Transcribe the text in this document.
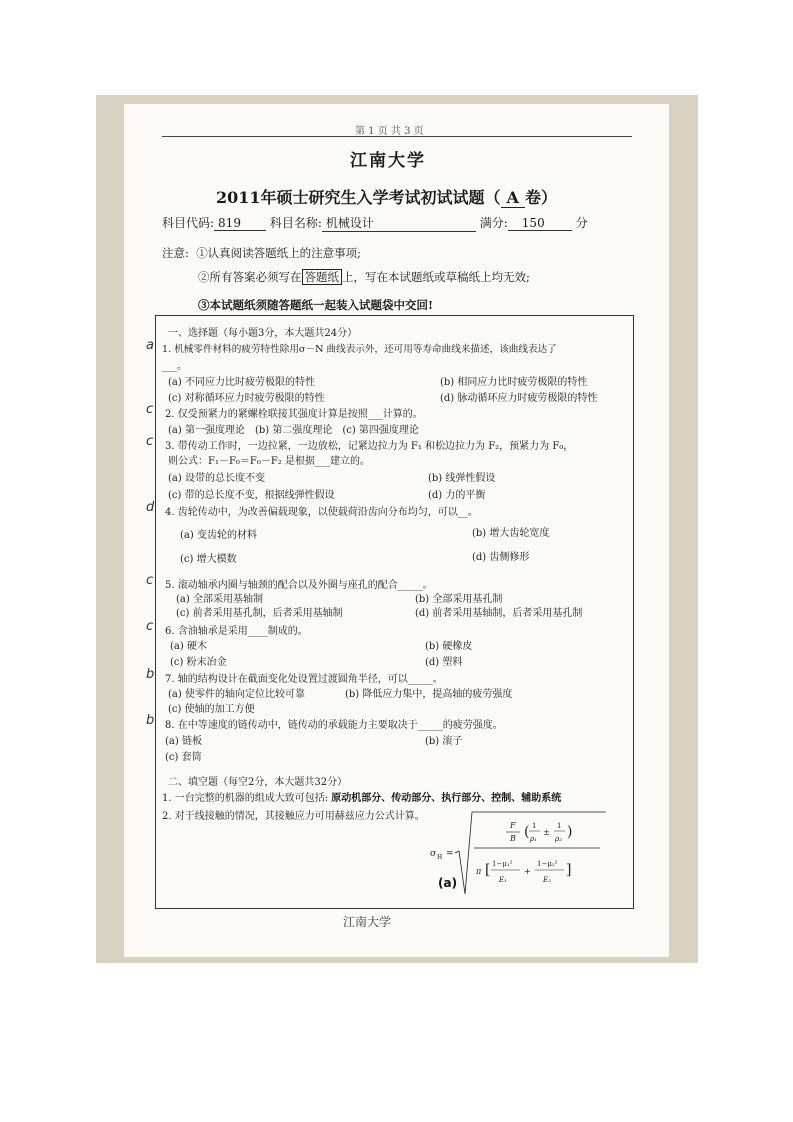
第 1 页 共 3 页
江南大学
2011年硕士研究生入学考试初试试题（ A 卷）
科目代码: 819 科目名称: 机械设计	满分: 150	分
注意: ①认真阅读答题纸上的注意事项;
②所有答案必须写在 答题纸 上，写在本试题纸或草稿纸上均无效;
③本试题纸须随答题纸一起装入试题袋中交回!
一、选择题（每小题3分，本大题共24分）
1. 机械零件材料的疲劳特性除用σ－N 曲线表示外，还可用等寿命曲线来描述，该曲线表达了
___。
(a) 不同应力比时疲劳极限的特性	(b) 相同应力比时疲劳极限的特性
(c) 对称循环应力时疲劳极限的特性	(d) 脉动循环应力时疲劳极限的特性
2. 仅受预紧力的紧螺栓联接其强度计算是按照___计算的。
(a) 第一强度理论　(b) 第二强度理论　(c) 第四强度理论
3. 带传动工作时，一边拉紧，一边放松，记紧边拉力为 F₁ 和松边拉力为 F₂，预紧力为 F₀，
则公式：F₁－F₀＝F₀－F₂ 是根据___建立的。
(a) 设带的总长度不变	(b) 线弹性假设
(c) 带的总长度不变，根据线弹性假设	(d) 力的平衡
4. 齿轮传动中，为改善偏载现象，以使载荷沿齿向分布均匀，可以__。
(a) 变齿轮的材料	(b) 增大齿轮宽度
(c) 增大模数	(d) 齿侧修形
5. 滚动轴承内圈与轴颈的配合以及外圈与座孔的配合_____。
(a) 全部采用基轴制	(b) 全部采用基孔制
(c) 前者采用基孔制，后者采用基轴制	(d) 前者采用基轴制，后者采用基孔制
6. 含油轴承是采用____制成的。
(a) 硬木	(b) 硬橡皮
(c) 粉末冶金	(d) 塑料
7. 轴的结构设计在截面变化处设置过渡圆角半径，可以_____。
(a) 使零件的轴向定位比较可靠	(b) 降低应力集中，提高轴的疲劳强度
(c) 使轴的加工方便
8. 在中等速度的链传动中，链传动的承载能力主要取决于_____的疲劳强度。
(a) 链板	(b) 滚子
(c) 套筒
二、填空题（每空2分，本大题共32分）
1. 一台完整的机器的组成大致可包括: 原动机部分、传动部分、执行部分、控制、辅助系统
2. 对于线接触的情况，其接触应力可用赫兹应力公式计算。
σ H =
F
B ( 1
ρ₁
±
1
ρ₂ )
π [ 1−μ₁²
E₁
+
1−μ₂²
E₂
]
(a)
a
c
c
d
c
c
b
b
江南大学
